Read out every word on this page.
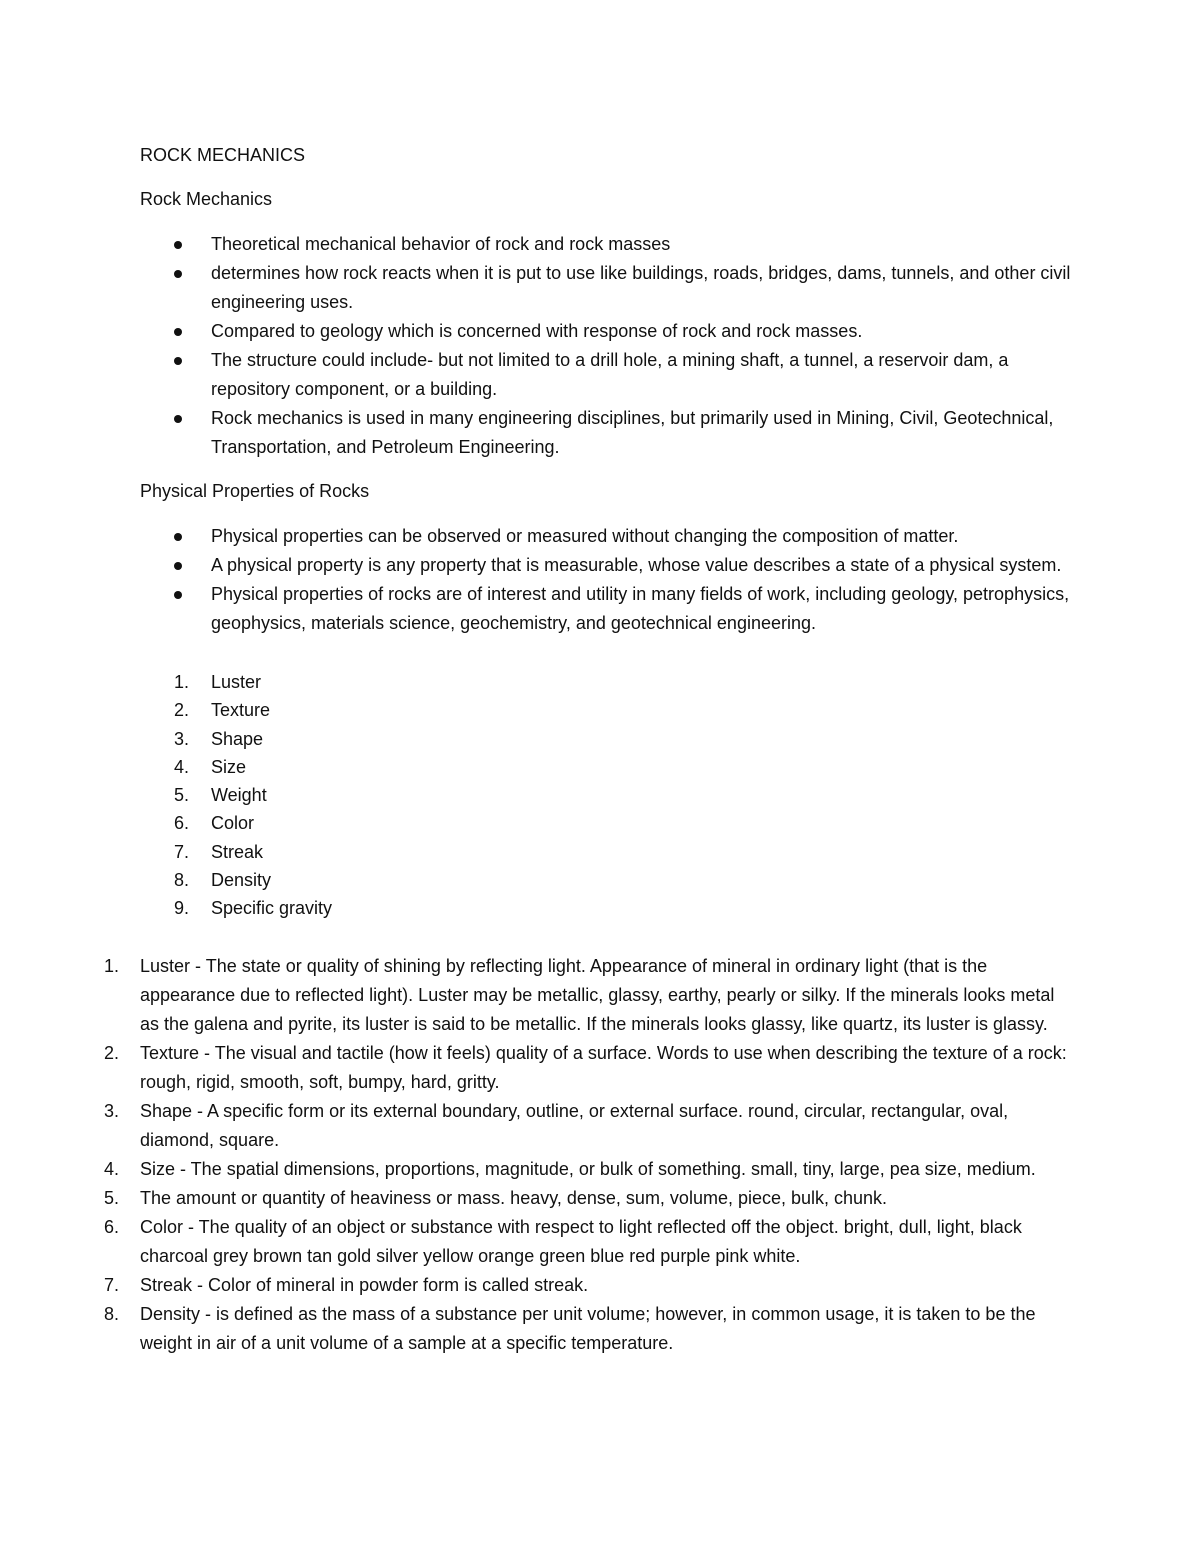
ROCK MECHANICS
Rock Mechanics
Theoretical mechanical behavior of rock and rock masses
determines how rock reacts when it is put to use like buildings, roads, bridges, dams, tunnels, and other civil engineering uses.
Compared to geology which is concerned with response of rock and rock masses.
The structure could include- but not limited to a drill hole, a mining shaft, a tunnel, a reservoir dam, a repository component, or a building.
Rock mechanics is used in many engineering disciplines, but primarily used in Mining, Civil, Geotechnical, Transportation, and Petroleum Engineering.
Physical Properties of Rocks
Physical properties can be observed or measured without changing the composition of matter.
A physical property is any property that is measurable, whose value describes a state of a physical system.
Physical properties of rocks are of interest and utility in many fields of work, including geology, petrophysics, geophysics, materials science, geochemistry, and geotechnical engineering.
1.	Luster
2.	Texture
3.	Shape
4.	Size
5.	Weight
6.	Color
7.	Streak
8.	Density
9.	Specific gravity
1.	Luster - The state or quality of shining by reflecting light. Appearance of mineral in ordinary light (that is the appearance due to reflected light). Luster may be metallic, glassy, earthy, pearly or silky. If the minerals looks metal as the galena and pyrite, its luster is said to be metallic. If the minerals looks glassy, like quartz, its luster is glassy.
2.	Texture - The visual and tactile (how it feels) quality of a surface. Words to use when describing the texture of a rock: rough, rigid, smooth, soft, bumpy, hard, gritty.
3.	Shape - A specific form or its external boundary, outline, or external surface. round, circular, rectangular, oval, diamond, square.
4.	Size - The spatial dimensions, proportions, magnitude, or bulk of something. small, tiny, large, pea size, medium.
5.	The amount or quantity of heaviness or mass. heavy, dense, sum, volume, piece, bulk, chunk.
6.	Color - The quality of an object or substance with respect to light reflected off the object. bright, dull, light, black charcoal grey brown tan gold silver yellow orange green blue red purple pink white.
7.	Streak - Color of mineral in powder form is called streak.
8.	Density - is defined as the mass of a substance per unit volume; however, in common usage, it is taken to be the weight in air of a unit volume of a sample at a specific temperature.
